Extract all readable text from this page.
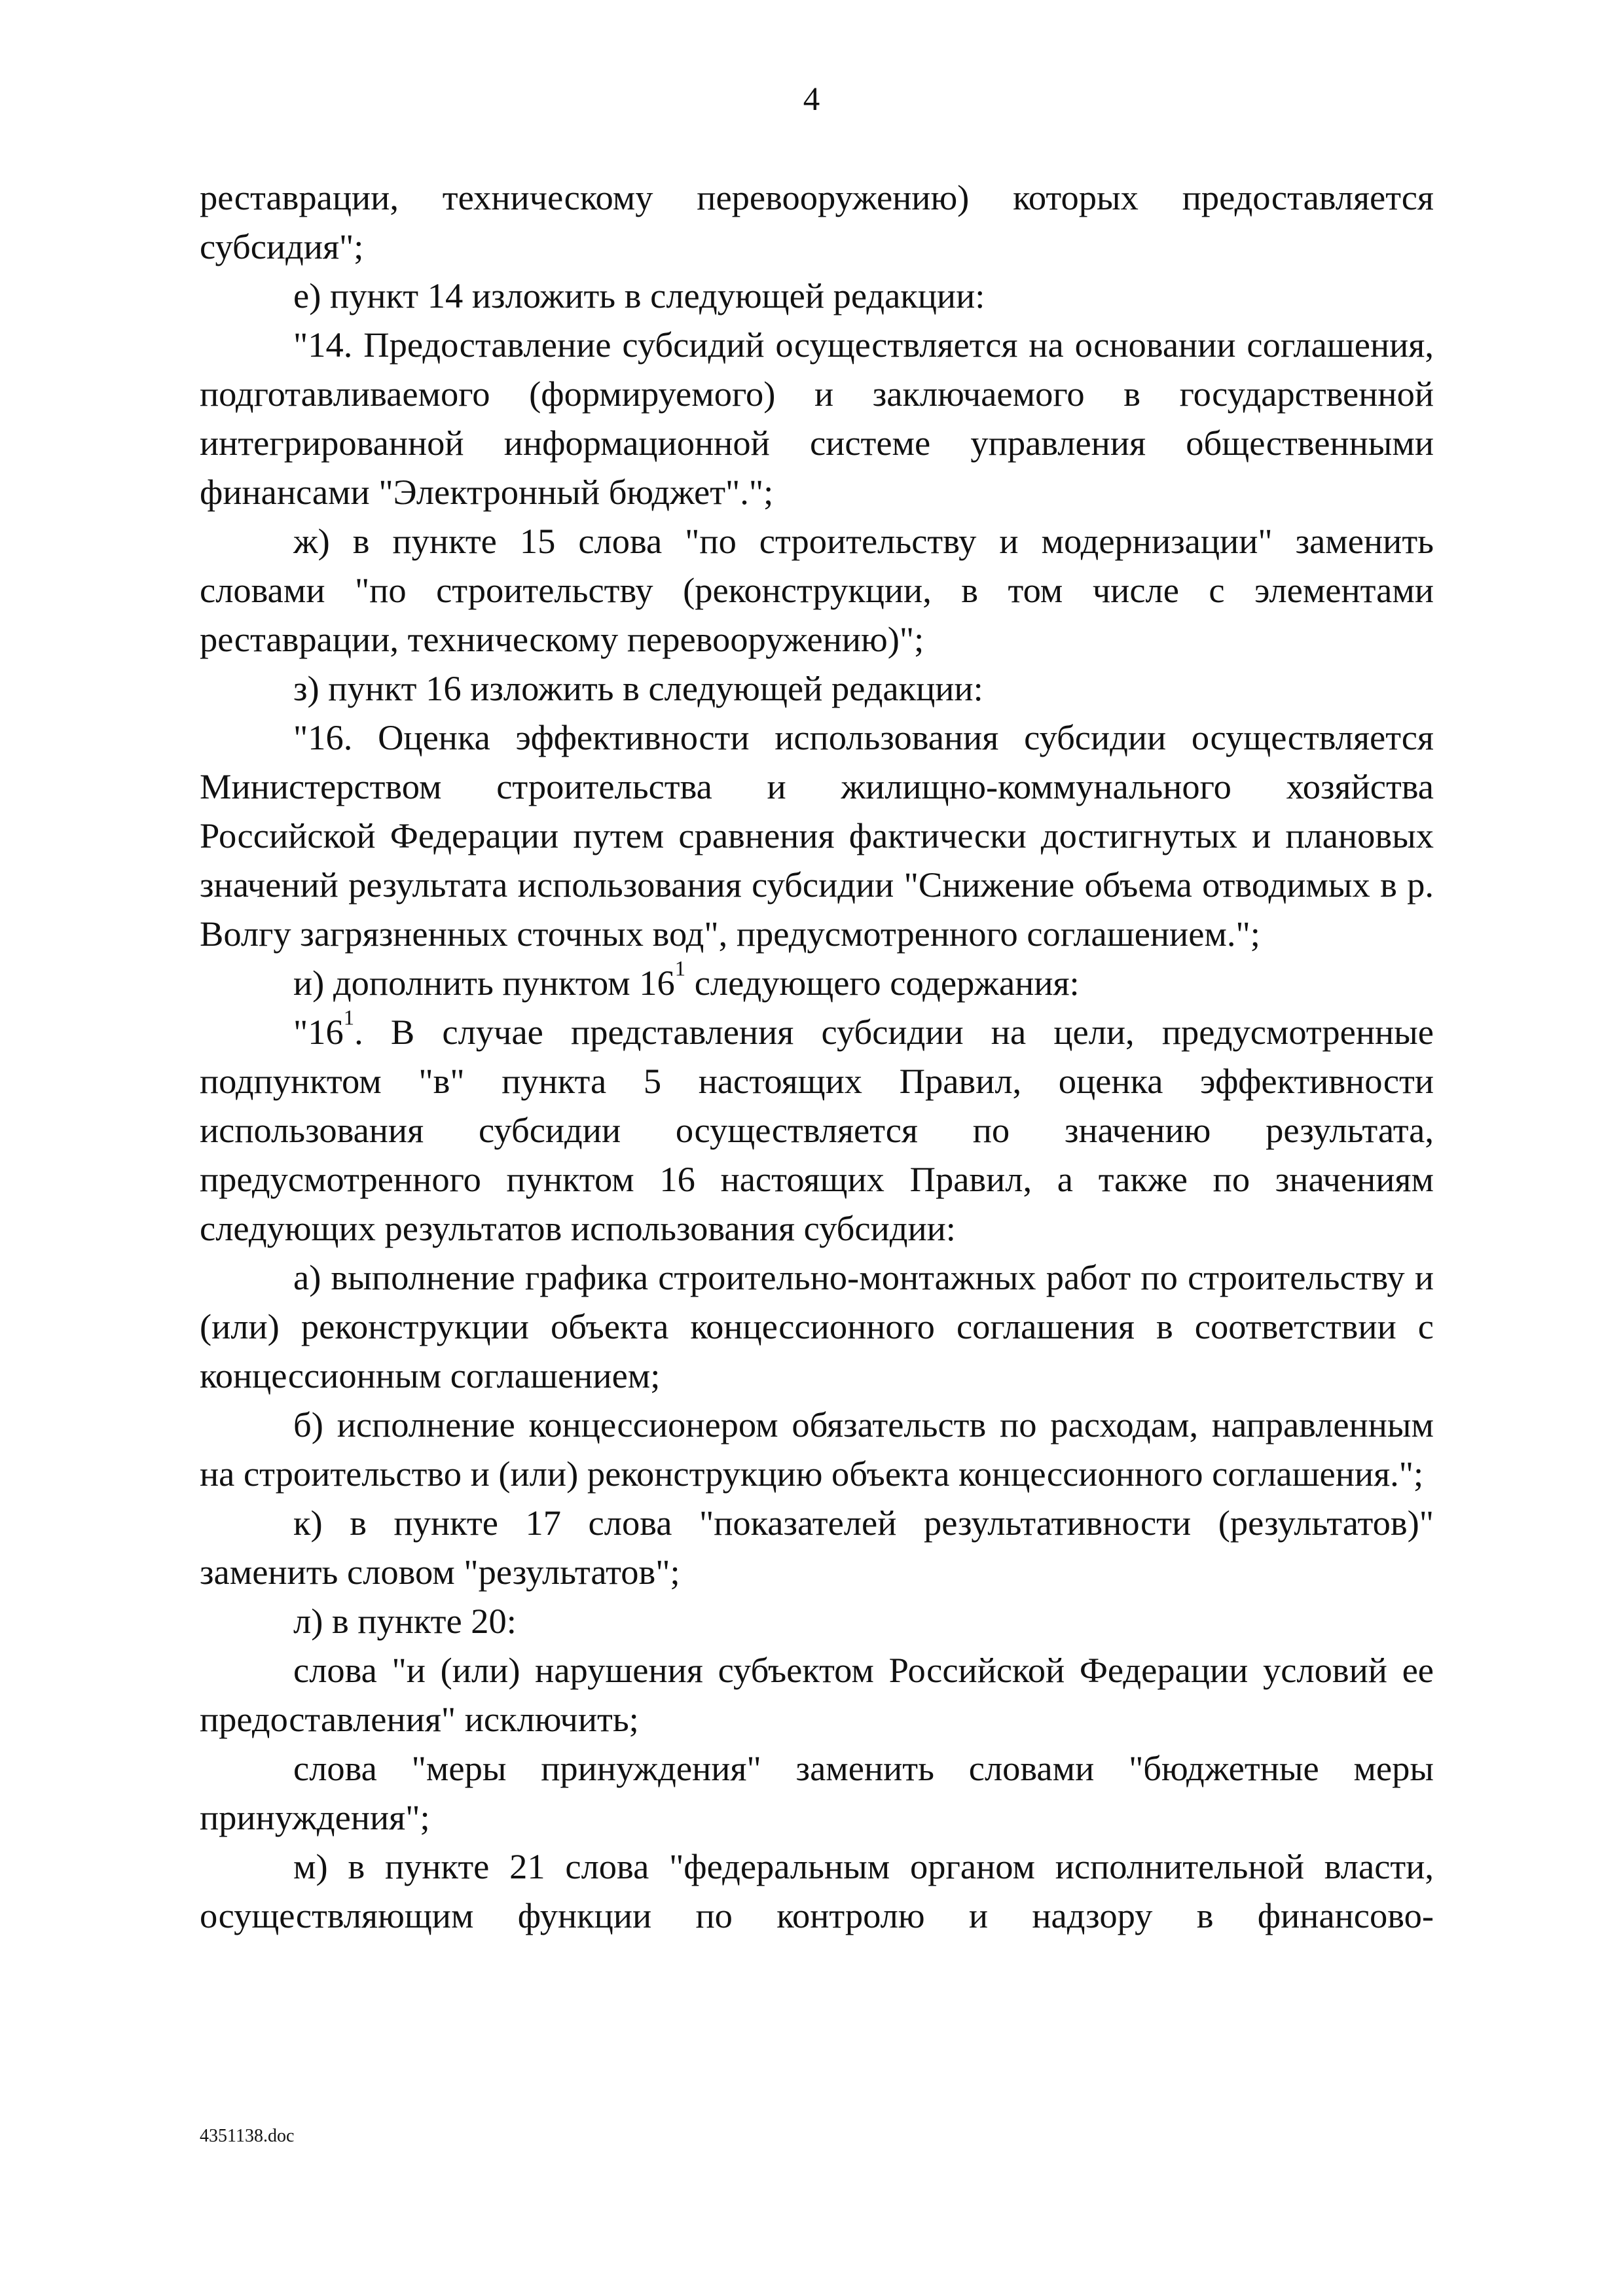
4

реставрации, техническому перевооружению) которых предоставляется субсидия";

е) пункт 14 изложить в следующей редакции:

"14. Предоставление субсидий осуществляется на основании соглашения, подготавливаемого (формируемого) и заключаемого в государственной интегрированной информационной системе управления общественными финансами "Электронный бюджет".";

ж) в пункте 15 слова "по строительству и модернизации" заменить словами "по строительству (реконструкции, в том числе с элементами реставрации, техническому перевооружению)";

з) пункт 16 изложить в следующей редакции:

"16. Оценка эффективности использования субсидии осуществляется Министерством строительства и жилищно-коммунального хозяйства Российской Федерации путем сравнения фактически достигнутых и плановых значений результата использования субсидии "Снижение объема отводимых в р. Волгу загрязненных сточных вод", предусмотренного соглашением.";

и) дополнить пунктом $16^1$ следующего содержания:

"$16^1$. В случае представления субсидии на цели, предусмотренные подпунктом "в" пункта 5 настоящих Правил, оценка эффективности использования субсидии осуществляется по значению результата, предусмотренного пунктом 16 настоящих Правил, а также по значениям следующих результатов использования субсидии:

а) выполнение графика строительно-монтажных работ по строительству и (или) реконструкции объекта концессионного соглашения в соответствии с концессионным соглашением;

б) исполнение концессионером обязательств по расходам, направленным на строительство и (или) реконструкцию объекта концессионного соглашения.";

к) в пункте 17 слова "показателей результативности (результатов)" заменить словом "результатов";

л) в пункте 20:

слова "и (или) нарушения субъектом Российской Федерации условий ее предоставления" исключить;

слова "меры принуждения" заменить словами "бюджетные меры принуждения";

м) в пункте 21 слова "федеральным органом исполнительной власти, осуществляющим функции по контролю и надзору в финансово-

4351138.doc
